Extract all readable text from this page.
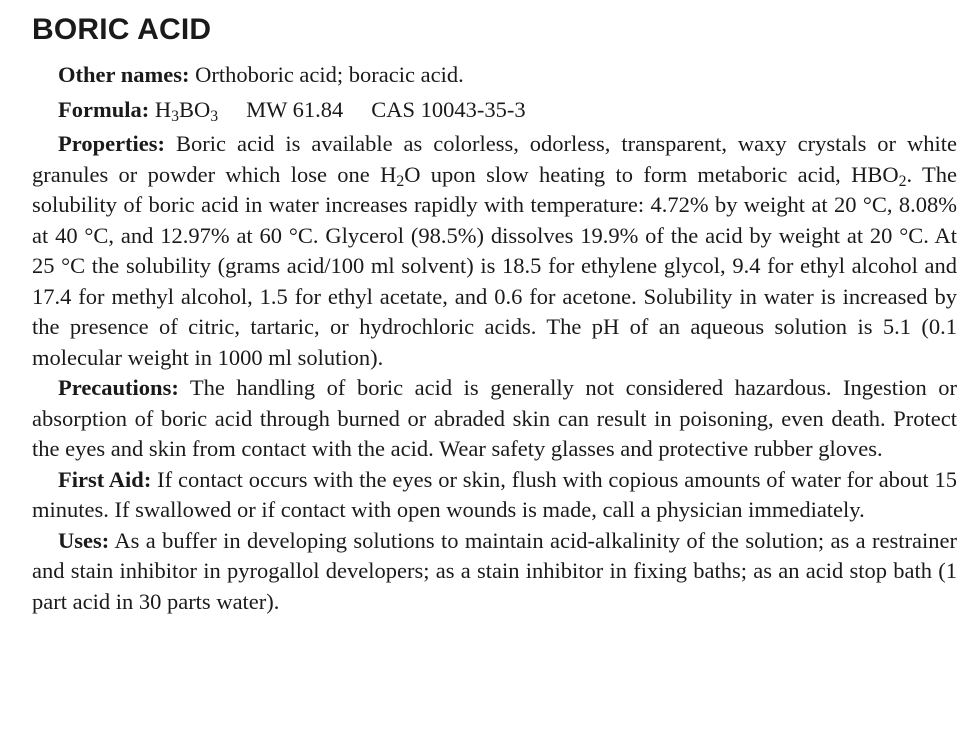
BORIC ACID

Other names: Orthoboric acid; boracic acid.

Formula: $H_3BO_3$ MW 61.84 CAS 10043-35-3

Properties: Boric acid is available as colorless, odorless, transparent, waxy crystals or white granules or powder which lose one $H_2O$ upon slow heating to form metaboric acid, $HBO_2$. The solubility of boric acid in water increases rapidly with temperature: 4.72% by weight at 20 °C, 8.08% at 40 °C, and 12.97% at 60 °C. Glycerol (98.5%) dissolves 19.9% of the acid by weight at 20 °C. At 25 °C the solubility (grams acid/100 ml solvent) is 18.5 for ethylene glycol, 9.4 for ethyl alcohol and 17.4 for methyl alcohol, 1.5 for ethyl acetate, and 0.6 for acetone. Solubility in water is increased by the presence of citric, tartaric, or hydrochloric acids. The pH of an aqueous solution is 5.1 (0.1 molecular weight in 1000 ml solution).

Precautions: The handling of boric acid is generally not considered hazardous. Ingestion or absorption of boric acid through burned or abraded skin can result in poisoning, even death. Protect the eyes and skin from contact with the acid. Wear safety glasses and protective rubber gloves.

First Aid: If contact occurs with the eyes or skin, flush with copious amounts of water for about 15 minutes. If swallowed or if contact with open wounds is made, call a physician immediately.

Uses: As a buffer in developing solutions to maintain acid-alkalinity of the solution; as a restrainer and stain inhibitor in pyrogallol developers; as a stain inhibitor in fixing baths; as an acid stop bath (1 part acid in 30 parts water).
